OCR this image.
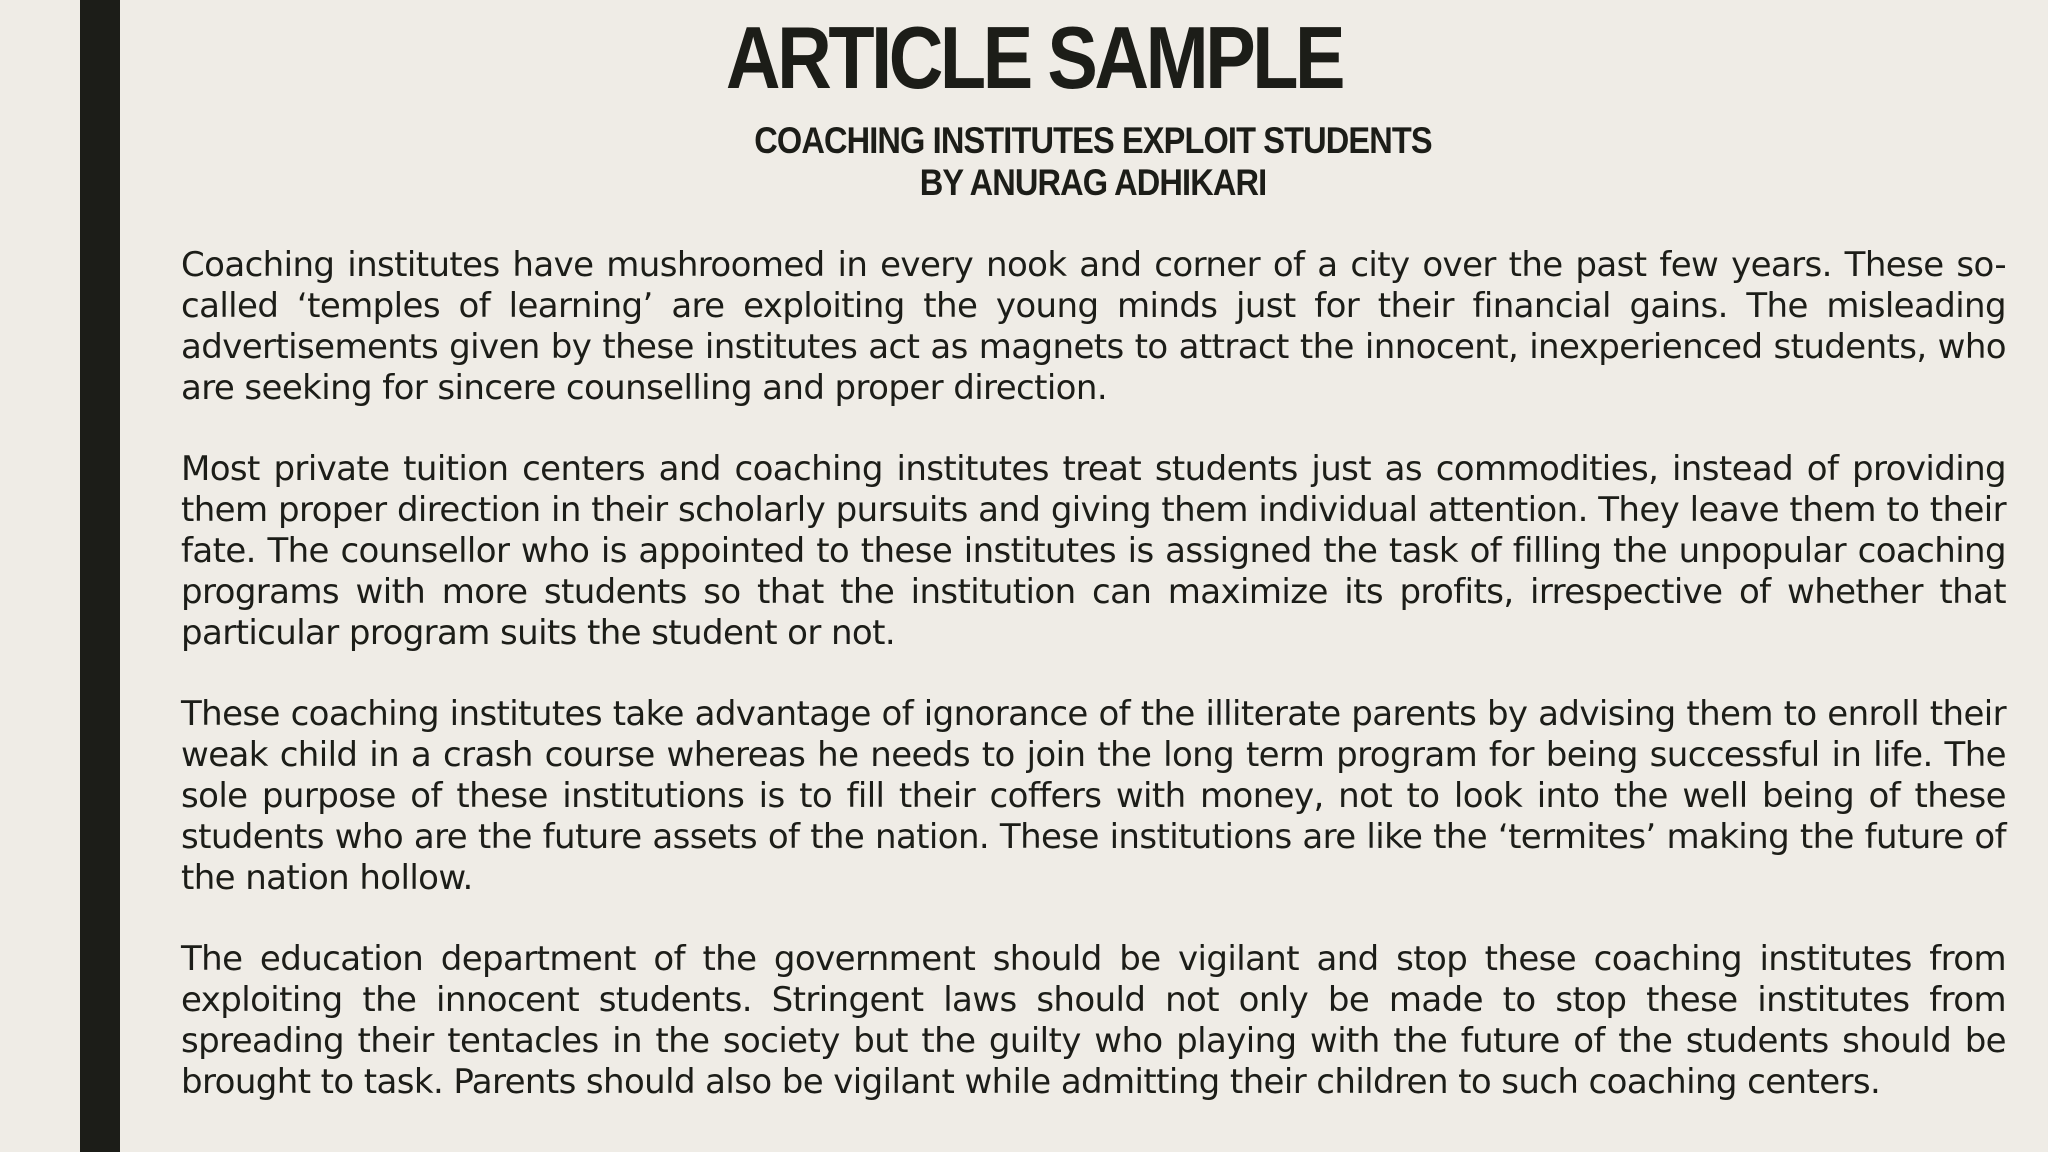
ARTICLE SAMPLE
COACHING INSTITUTES EXPLOIT STUDENTS
BY ANURAG ADHIKARI

Coaching institutes have mushroomed in every nook and corner of a city over the past few years. These so-called ‘temples of learning’ are exploiting the young minds just for their financial gains. The misleading advertisements given by these institutes act as magnets to attract the innocent, inexperienced students, who are seeking for sincere counselling and proper direction.

Most private tuition centers and coaching institutes treat students just as commodities, instead of providing them proper direction in their scholarly pursuits and giving them individual attention. They leave them to their fate. The counsellor who is appointed to these institutes is assigned the task of filling the unpopular coaching programs with more students so that the institution can maximize its profits, irrespective of whether that particular program suits the student or not.

These coaching institutes take advantage of ignorance of the illiterate parents by advising them to enroll their weak child in a crash course whereas he needs to join the long term program for being successful in life. The sole purpose of these institutions is to fill their coffers with money, not to look into the well being of these students who are the future assets of the nation. These institutions are like the ‘termites’ making the future of the nation hollow.

The education department of the government should be vigilant and stop these coaching institutes from exploiting the innocent students. Stringent laws should not only be made to stop these institutes from spreading their tentacles in the society but the guilty who playing with the future of the students should be brought to task. Parents should also be vigilant while admitting their children to such coaching centers.
